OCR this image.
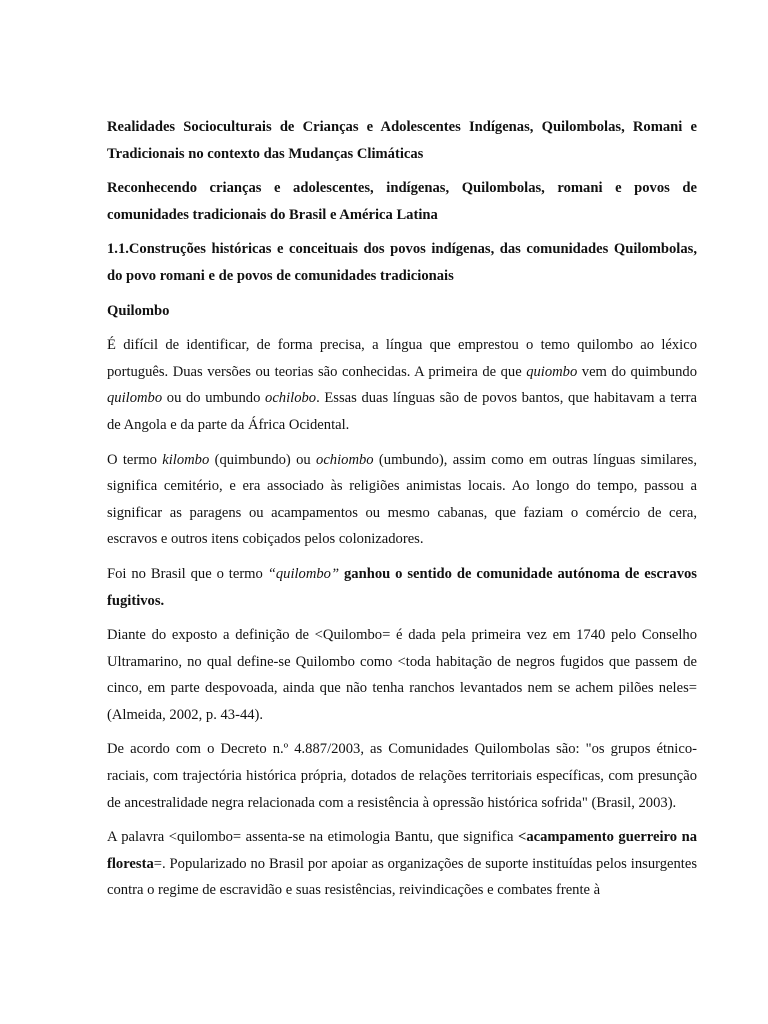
Realidades Socioculturais de Crianças e Adolescentes Indígenas, Quilombolas, Romani e Tradicionais no contexto das Mudanças Climáticas

Reconhecendo crianças e adolescentes, indígenas, Quilombolas, romani e povos de comunidades tradicionais do Brasil e América Latina

1.1.Construções históricas e conceituais dos povos indígenas, das comunidades Quilombolas, do povo romani e de povos de comunidades tradicionais

Quilombo

É difícil de identificar, de forma precisa, a língua que emprestou o temo quilombo ao léxico português. Duas versões ou teorias são conhecidas. A primeira de que quiombo vem do quimbundo quilombo ou do umbundo ochilobo. Essas duas línguas são de povos bantos, que habitavam a terra de Angola e da parte da África Ocidental.

O termo kilombo (quimbundo) ou ochiombo (umbundo), assim como em outras línguas similares, significa cemitério, e era associado às religiões animistas locais. Ao longo do tempo, passou a significar as paragens ou acampamentos ou mesmo cabanas, que faziam o comércio de cera, escravos e outros itens cobiçados pelos colonizadores.

Foi no Brasil que o termo “quilombo” ganhou o sentido de comunidade autónoma de escravos fugitivos.

Diante do exposto a definição de <Quilombo= é dada pela primeira vez em 1740 pelo Conselho Ultramarino, no qual define-se Quilombo como <toda habitação de negros fugidos que passem de cinco, em parte despovoada, ainda que não tenha ranchos levantados nem se achem pilões neles= (Almeida, 2002, p. 43-44).

De acordo com o Decreto n.º 4.887/2003, as Comunidades Quilombolas são: "os grupos étnico-raciais, com trajectória histórica própria, dotados de relações territoriais específicas, com presunção de ancestralidade negra relacionada com a resistência à opressão histórica sofrida" (Brasil, 2003).

A palavra <quilombo= assenta-se na etimologia Bantu, que significa <acampamento guerreiro na floresta=. Popularizado no Brasil por apoiar as organizações de suporte instituídas pelos insurgentes contra o regime de escravidão e suas resistências, reivindicações e combates frente à
